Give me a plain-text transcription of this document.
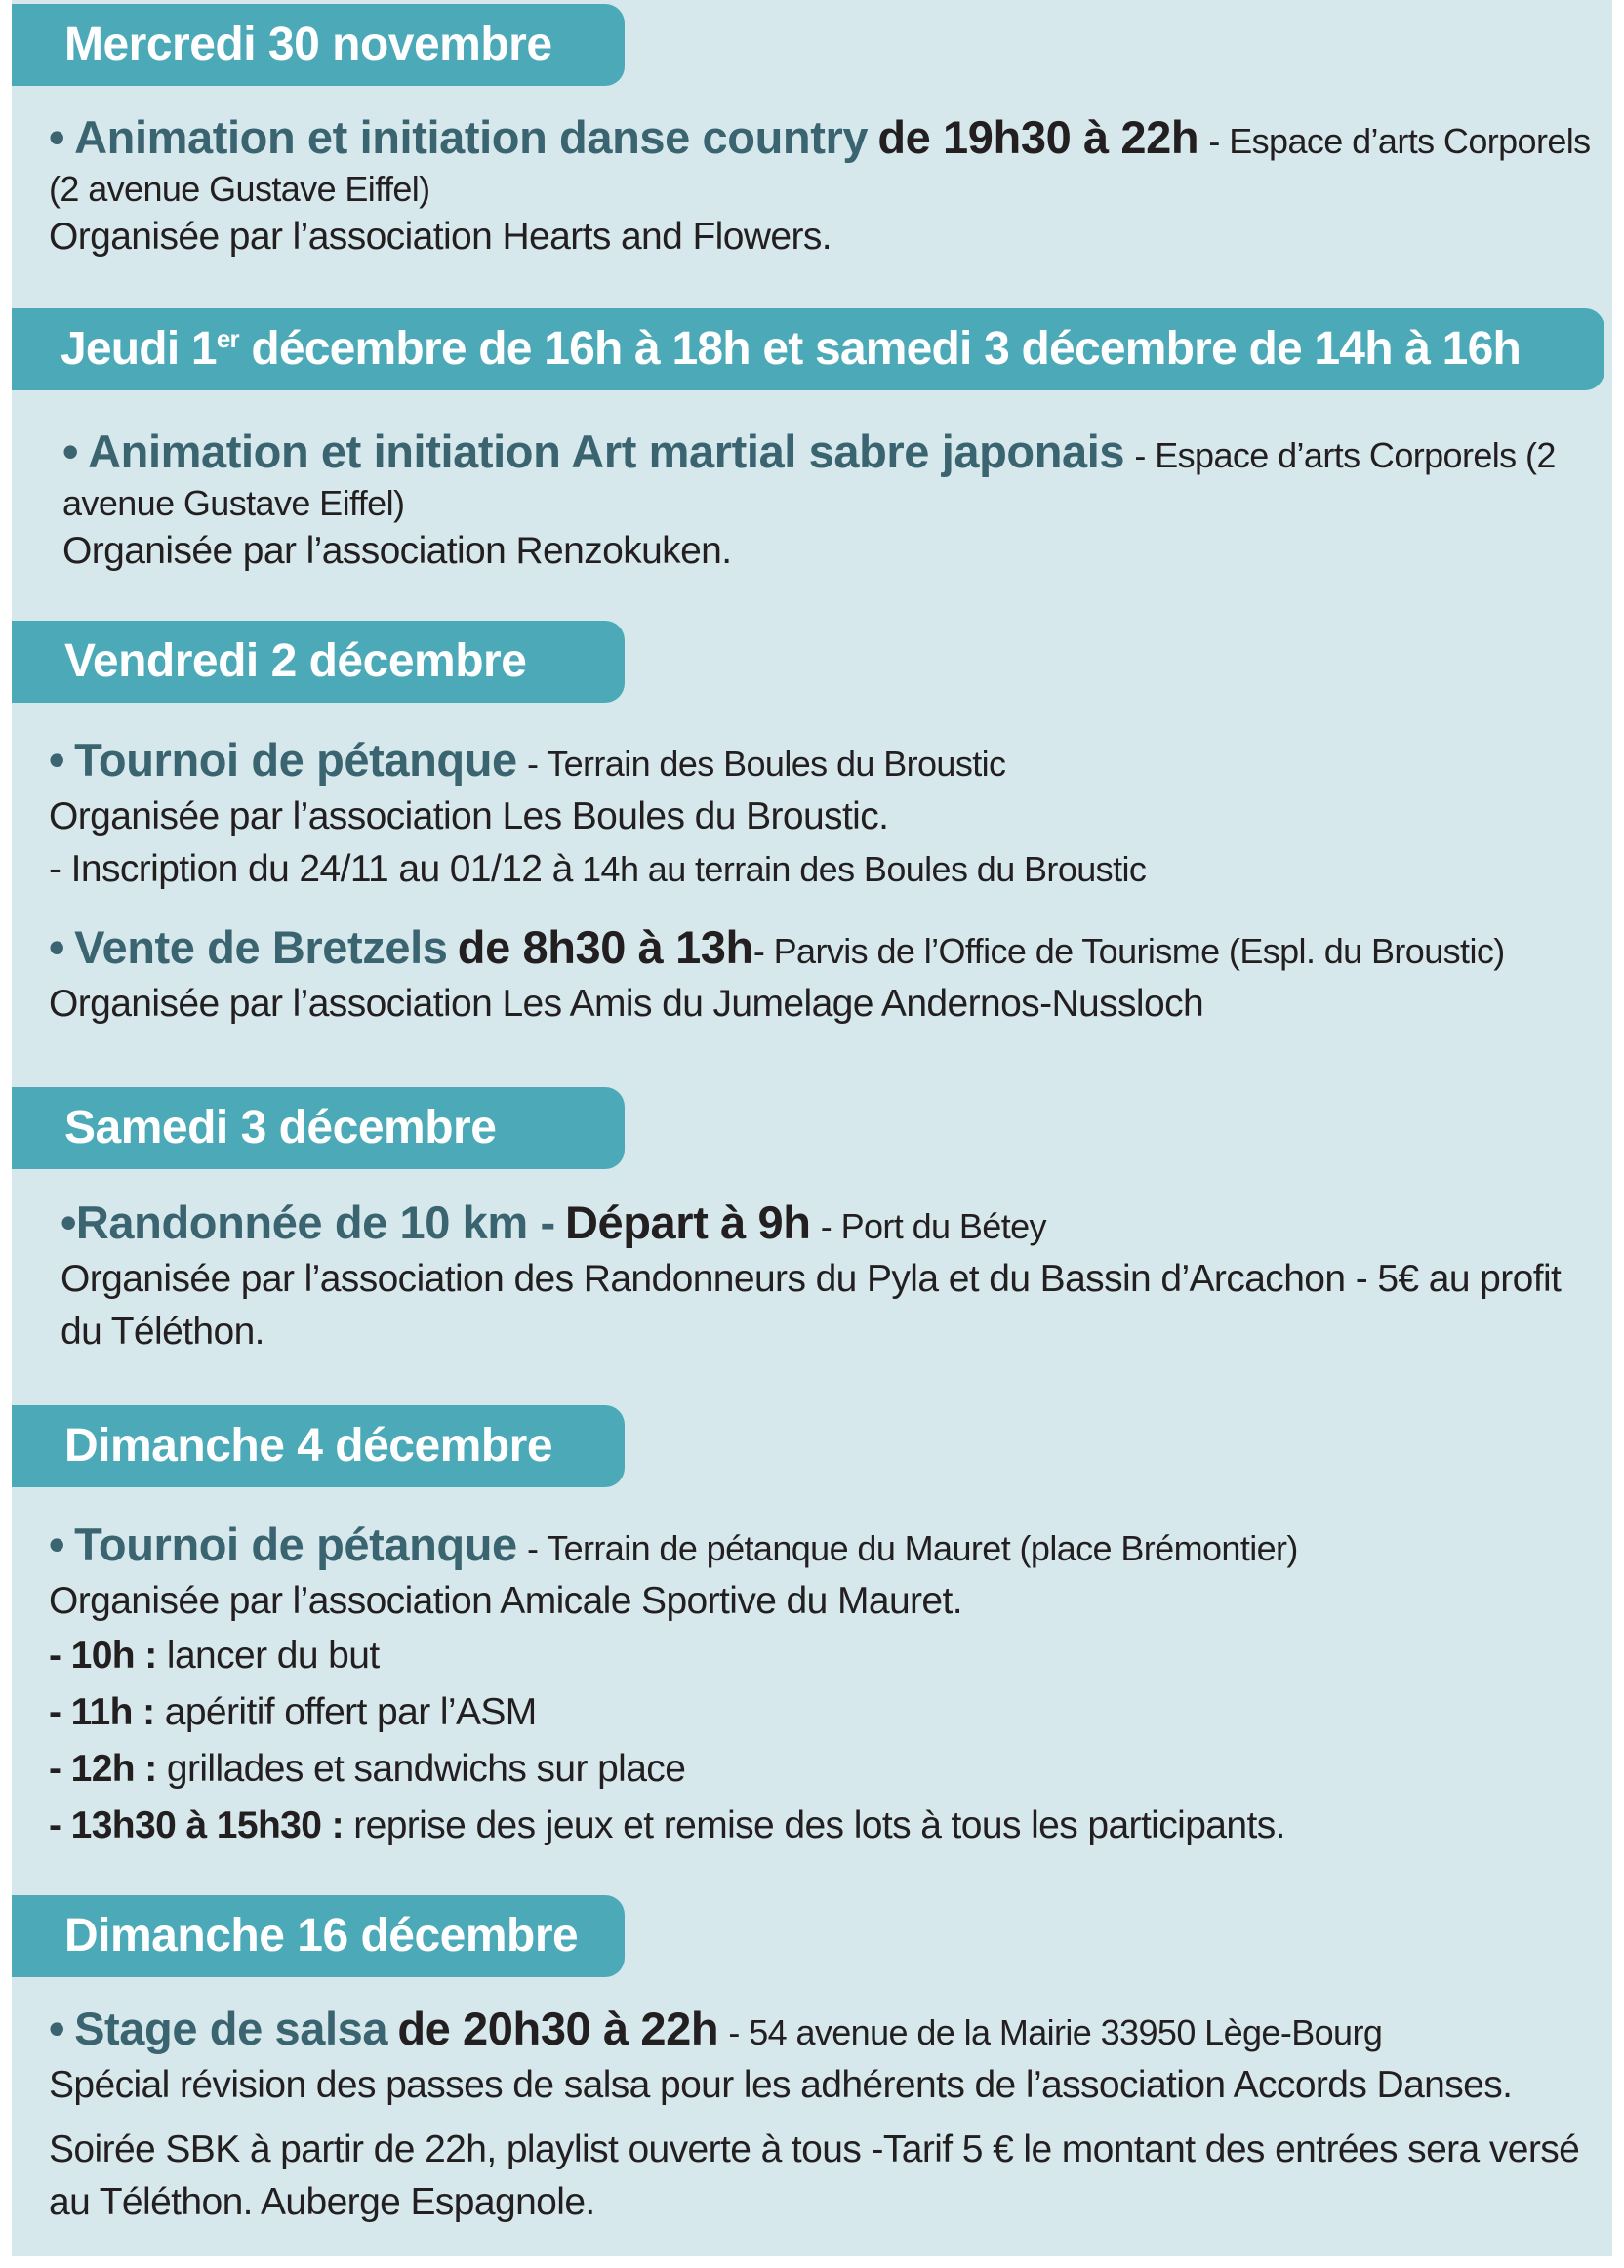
Mercredi 30 novembre

• Animation et initiation danse country de 19h30 à 22h - Espace d’arts Corporels

(2 avenue Gustave Eiffel)

Organisée par l’association Hearts and Flowers.

Jeudi 1er décembre de 16h à 18h et samedi 3 décembre de 14h à 16h

• Animation et initiation Art martial sabre japonais - Espace d’arts Corporels (2

avenue Gustave Eiffel)

Organisée par l’association Renzokuken.

Vendredi 2 décembre

• Tournoi de pétanque - Terrain des Boules du Broustic

Organisée par l’association Les Boules du Broustic.

- Inscription du 24/11 au 01/12 à 14h au terrain des Boules du Broustic

• Vente de Bretzels de 8h30 à 13h- Parvis de l’Office de Tourisme (Espl. du Broustic)

Organisée par l’association Les Amis du Jumelage Andernos-Nussloch

Samedi 3 décembre

•Randonnée de 10 km - Départ à 9h - Port du Bétey

Organisée par l’association des Randonneurs du Pyla et du Bassin d’Arcachon - 5€ au profit

du Téléthon.

Dimanche 4 décembre

• Tournoi de pétanque - Terrain de pétanque du Mauret (place Brémontier)

Organisée par l’association Amicale Sportive du Mauret.

- 10h : lancer du but

- 11h : apéritif offert par l’ASM

- 12h : grillades et sandwichs sur place

- 13h30 à 15h30 : reprise des jeux et remise des lots à tous les participants.

Dimanche 16 décembre

• Stage de salsa de 20h30 à 22h - 54 avenue de la Mairie 33950 Lège-Bourg

Spécial révision des passes de salsa pour les adhérents de l’association Accords Danses.

Soirée SBK à partir de 22h, playlist ouverte à tous -Tarif 5 € le montant des entrées sera versé

au Téléthon. Auberge Espagnole.
